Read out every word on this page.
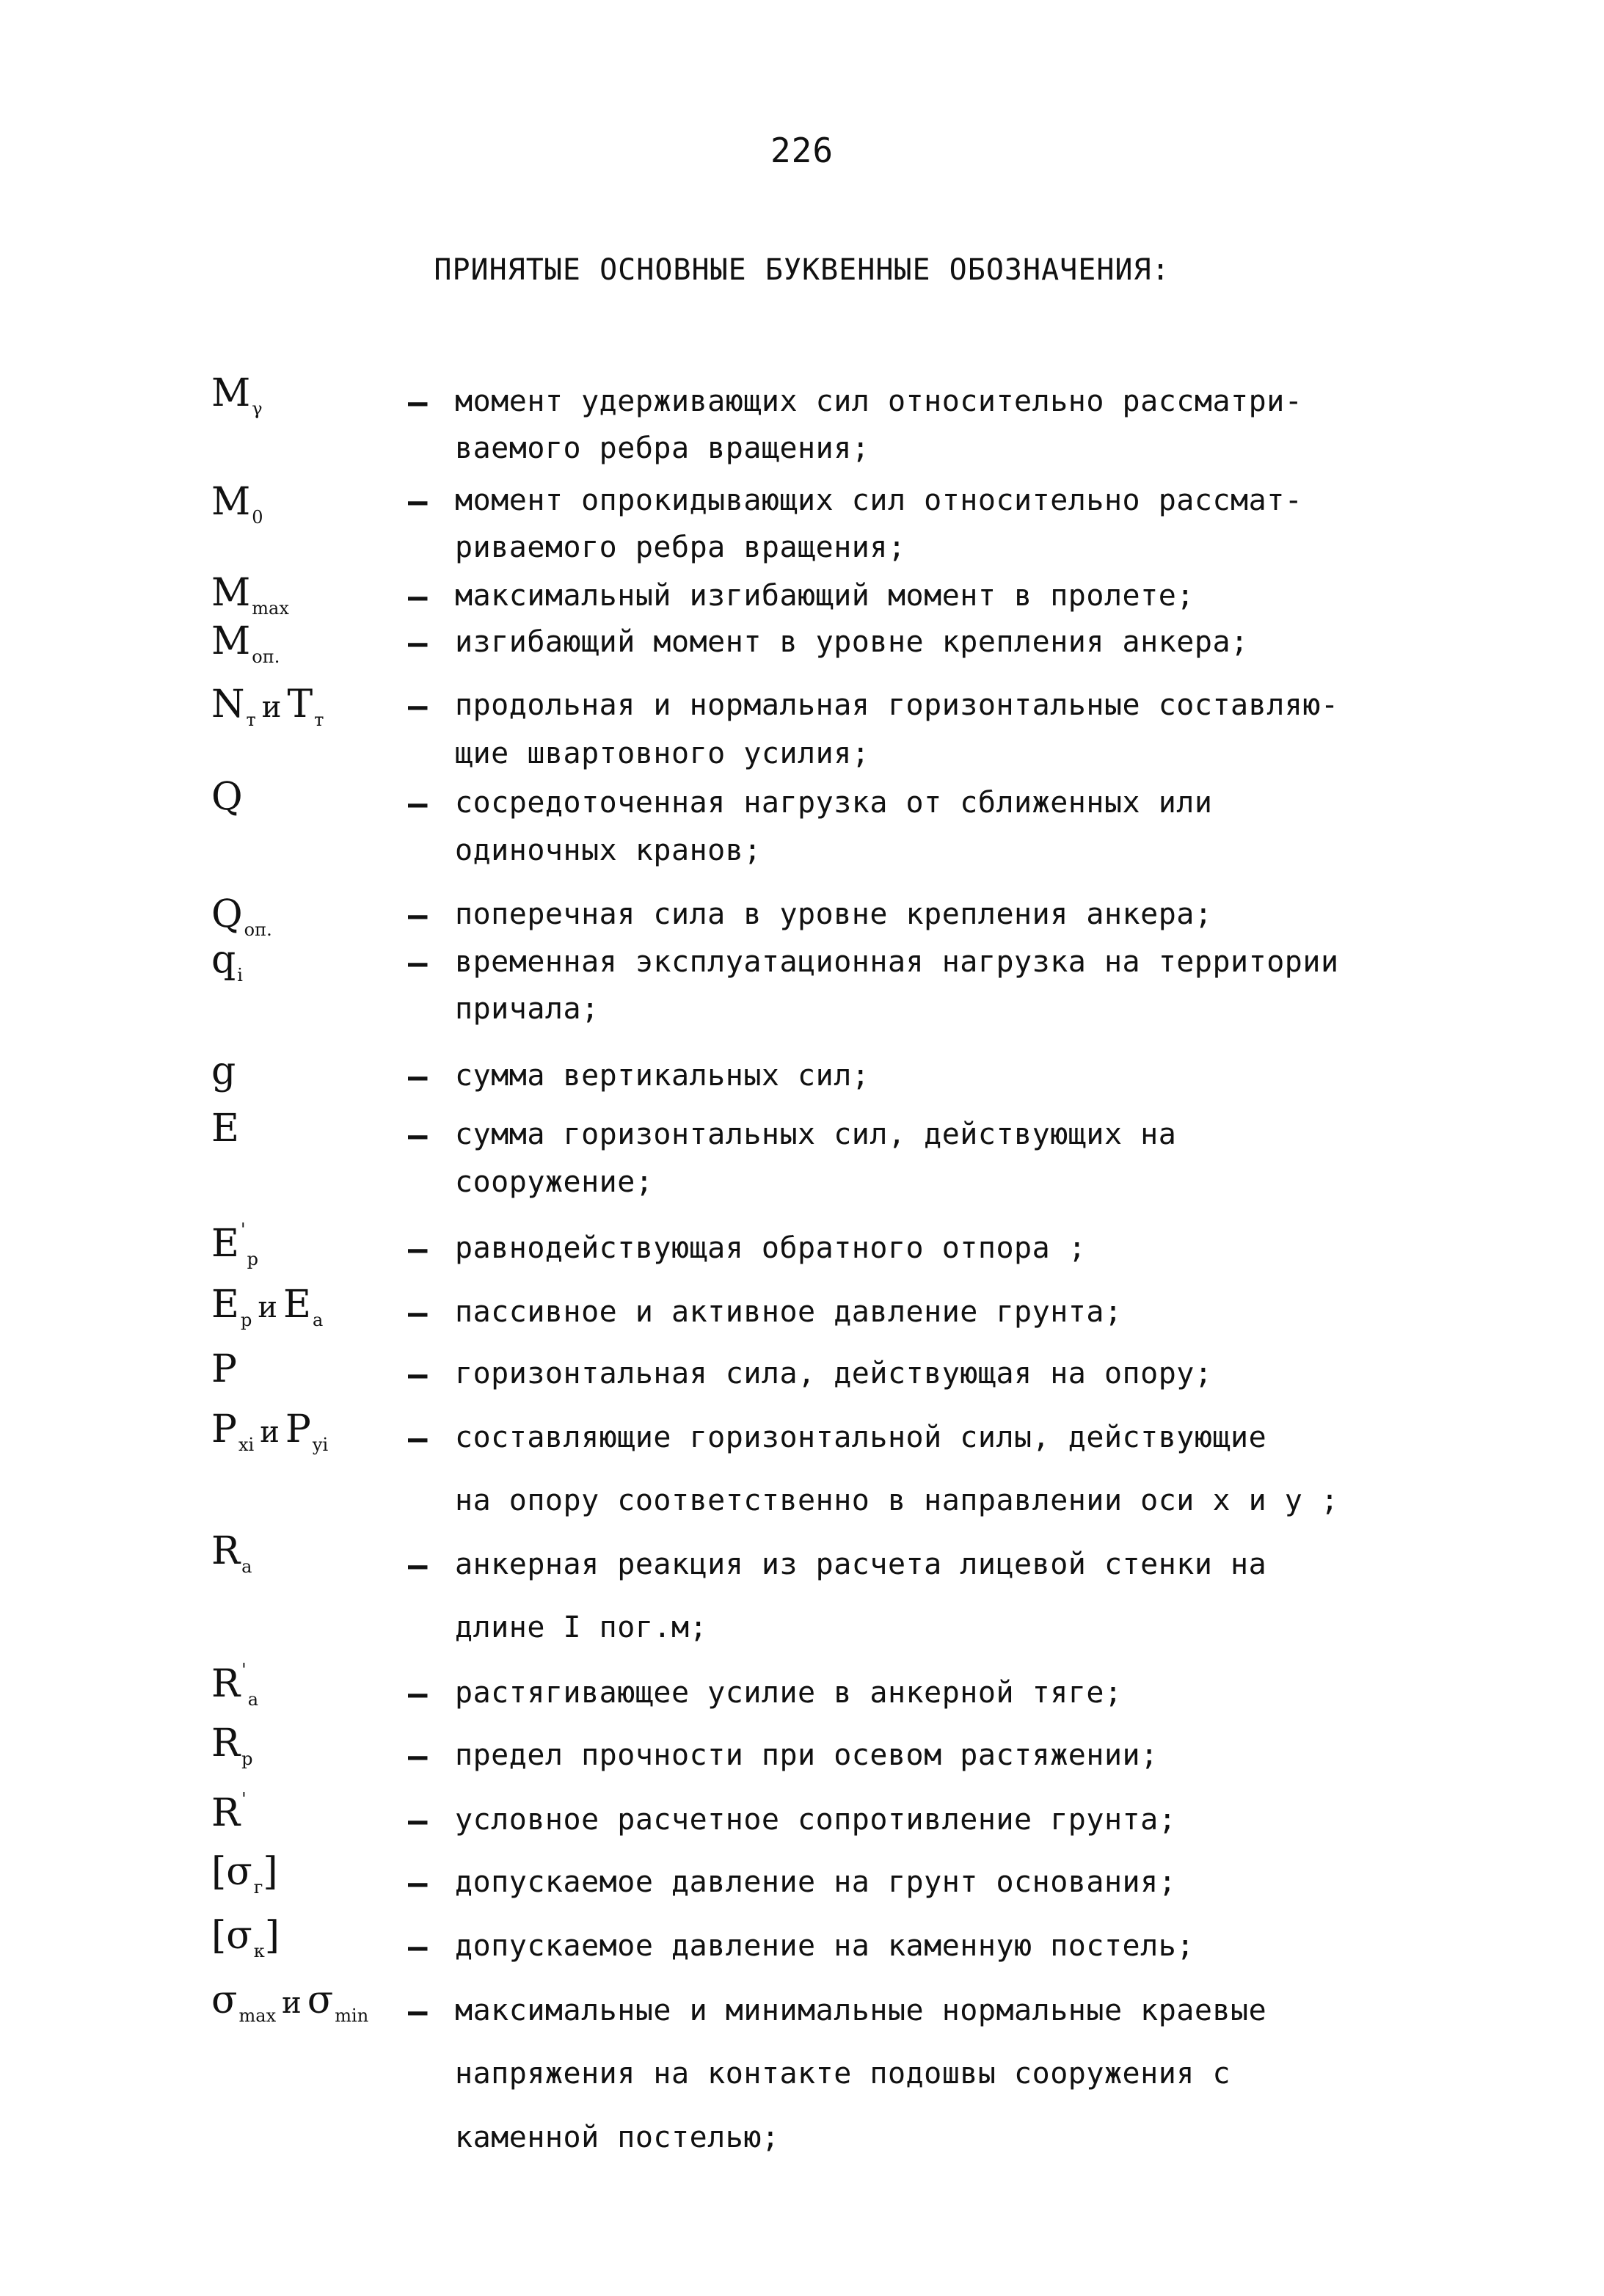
226
ПРИНЯТЫЕ ОСНОВНЫЕ БУКВЕННЫЕ ОБОЗНАЧЕНИЯ:
$M_\gamma$	– момент удерживающих сил относительно рассматри-
ваемого ребра вращения;
$M_0$	– момент опрокидывающих сил относительно рассмат-
риваемого ребра вращения;
$M_{max}$	– максимальный изгибающий момент в пролете;
$M_{оп.}$	– изгибающий момент в уровне крепления анкера;
$N_т$ и $T_т$	– продольная и нормальная горизонтальные составляю-
щие швартовного усилия;
Q	– сосредоточенная нагрузка от сближенных или
одиночных кранов;
$Q_{оп.}$	– поперечная сила в уровне крепления анкера;
$q_i$	– временная эксплуатационная нагрузка на территории
причала;
g	– сумма вертикальных сил;
E	– сумма горизонтальных сил, действующих на
сооружение;
$E'_p$	– равнодействующая обратного отпора ;
$E_p$ и $E_a$	– пассивное и активное давление грунта;
P	– горизонтальная сила, действующая на опору;
$P_{xi}$ и $P_{yi}$ – составляющие горизонтальной силы, действующие
на опору соответственно в направлении оси x и y ;
$R_a$	– анкерная реакция из расчета лицевой стенки на
длине I пог.м;
$R'_a$	– растягивающее усилие в анкерной тяге;
$R_p$	– предел прочности при осевом растяжении;
R'
– условное расчетное сопротивление грунта;
$[\sigma_г]$	– допускаемое давление на грунт основания;
$[\sigma_к]$	– допускаемое давление на каменную постель;
$\sigma_{max}$ и $\sigma_{min}$ – максимальные и минимальные нормальные краевые
напряжения на контакте подошвы сооружения с
каменной постелью;
